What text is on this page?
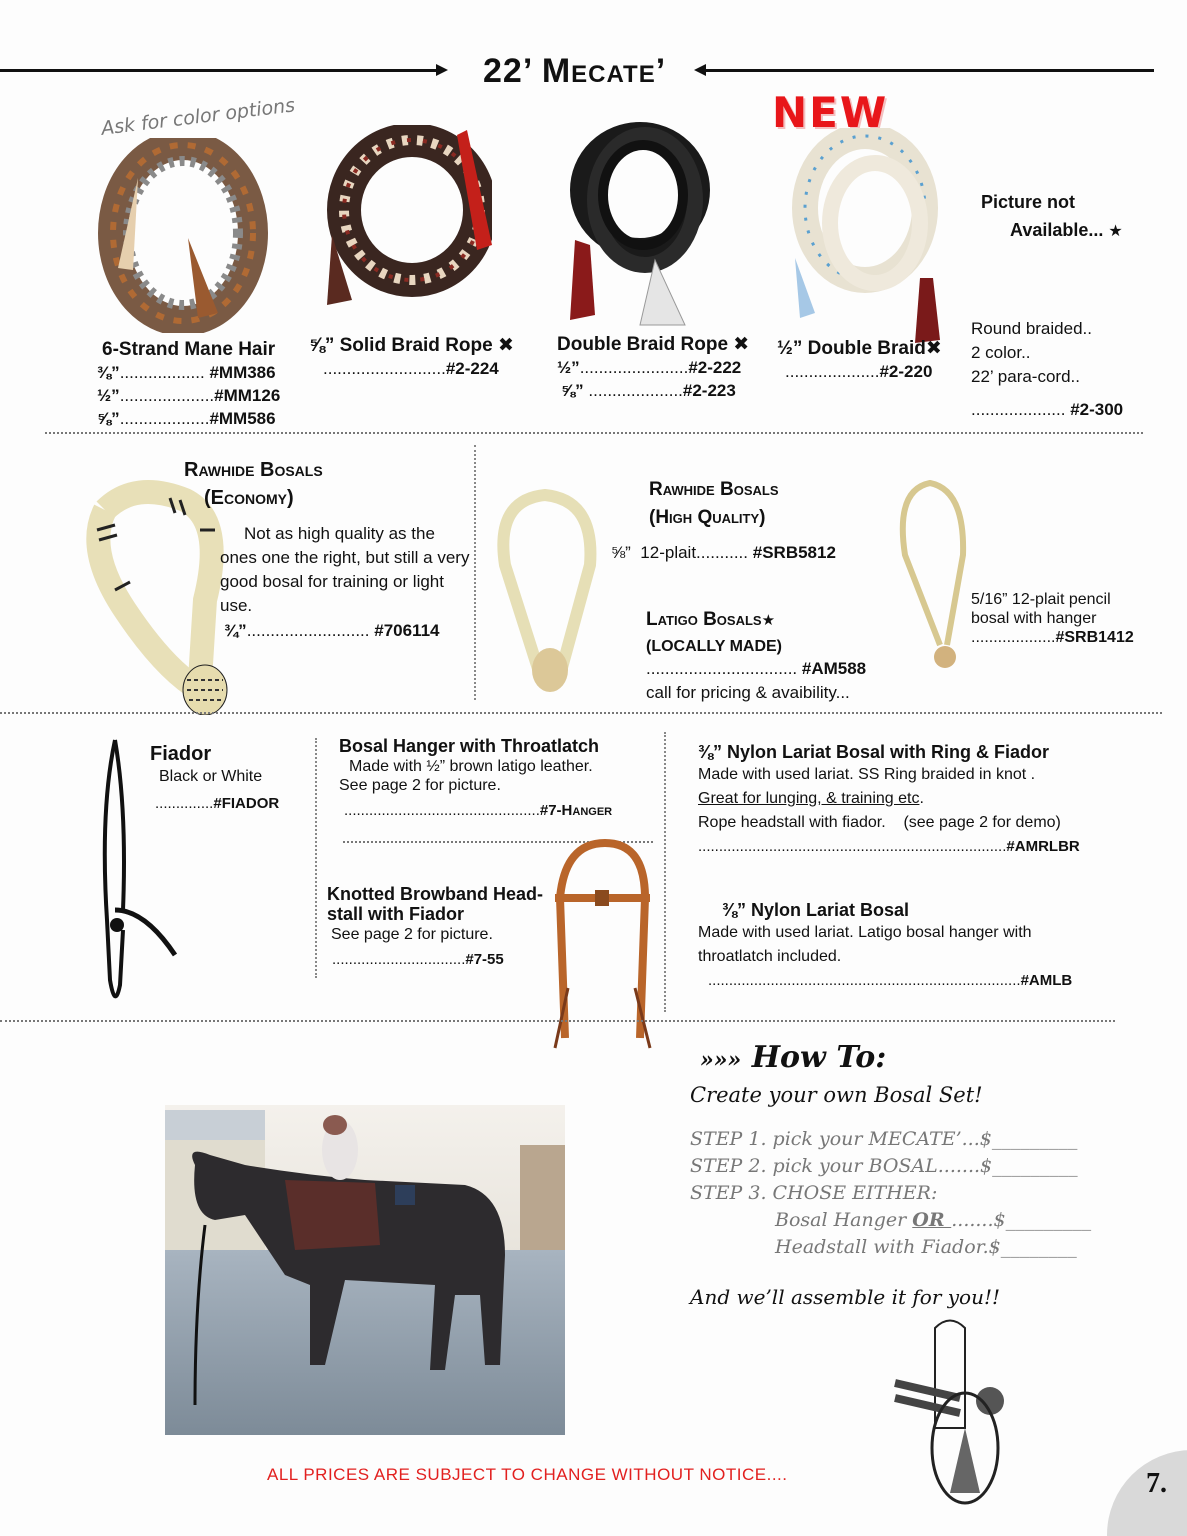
22’ Mecate’
Ask for color options	NEW
Picture not
Available... ★
6-Strand Mane Hair
⅜”.................. #MM386
½”....................#MM126
⅝”...................#MM586
⅝” Solid Braid Rope ✖
..........................#2-224
Double Braid Rope ✖
½”.......................#2-222
⅝” ....................#2-223
½” Double Braid✖
....................#2-220
Round braided..
2 color..
22’ para-cord..
.................... #2-300
Rawhide Bosals
(Economy)
Not as high quality as the ones one the right, but still a very good bosal for training or light use.
¾”.......................... #706114
Rawhide Bosals
(High Quality)
⅝” 12-plait........... #SRB5812
Latigo Bosals★
(LOCALLY MADE)
................................ #AM588
call for pricing & avaibility...
5/16” 12-plait pencil
bosal with hanger
...................#SRB1412
Fiador
Black or White
..............#FIADOR
Bosal Hanger with Throatlatch
Made with ½” brown latigo leather.
See page 2 for picture.
...............................................#7-Hanger
Knotted Browband Head-
stall with Fiador
See page 2 for picture.
................................#7-55
⅜” Nylon Lariat Bosal with Ring & Fiador
Made with used lariat. SS Ring braided in knot .
Great for lunging, & training etc.
Rope headstall with fiador.    (see page 2 for demo)
..........................................................................#AMRLBR
⅜” Nylon Lariat Bosal
Made with used lariat. Latigo bosal hanger with
throatlatch included.
...........................................................................#AMLB
»»» How To:
Create your own Bosal Set!
STEP 1. pick your MECATE’...$_________
STEP 2. pick your BOSAL.......$_________
STEP 3. CHOSE EITHER:
Bosal Hanger OR .......$_________
Headstall with Fiador.$________
And we’ll assemble it for you!!
ALL PRICES ARE SUBJECT TO CHANGE WITHOUT NOTICE....	7.
